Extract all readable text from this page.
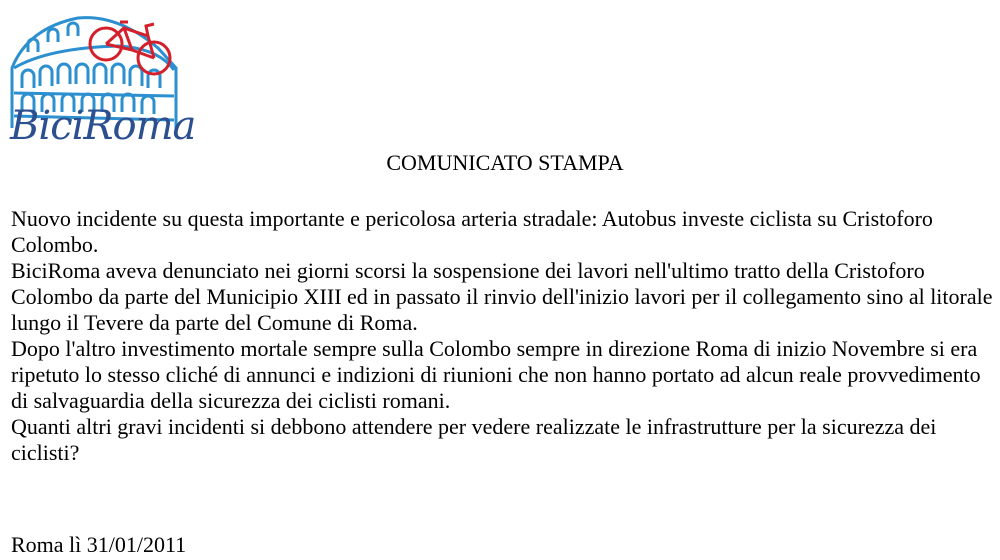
BiciRoma
COMUNICATO STAMPA

Nuovo incidente su questa importante e pericolosa arteria stradale: Autobus investe ciclista su Cristoforo Colombo.

BiciRoma aveva denunciato nei giorni scorsi la sospensione dei lavori nell'ultimo tratto della Cristoforo Colombo da parte del Municipio XIII ed in passato il rinvio dell'inizio lavori per il collegamento sino al litorale lungo il Tevere da parte del Comune di Roma.

Dopo l'altro investimento mortale sempre sulla Colombo sempre in direzione Roma di inizio Novembre si era ripetuto lo stesso cliché di annunci e indizioni di riunioni che non hanno portato ad alcun reale provvedimento di salvaguardia della sicurezza dei ciclisti romani.

Quanti altri gravi incidenti si debbono attendere per vedere realizzate le infrastrutture per la sicurezza dei ciclisti?

Roma lì 31/01/2011
